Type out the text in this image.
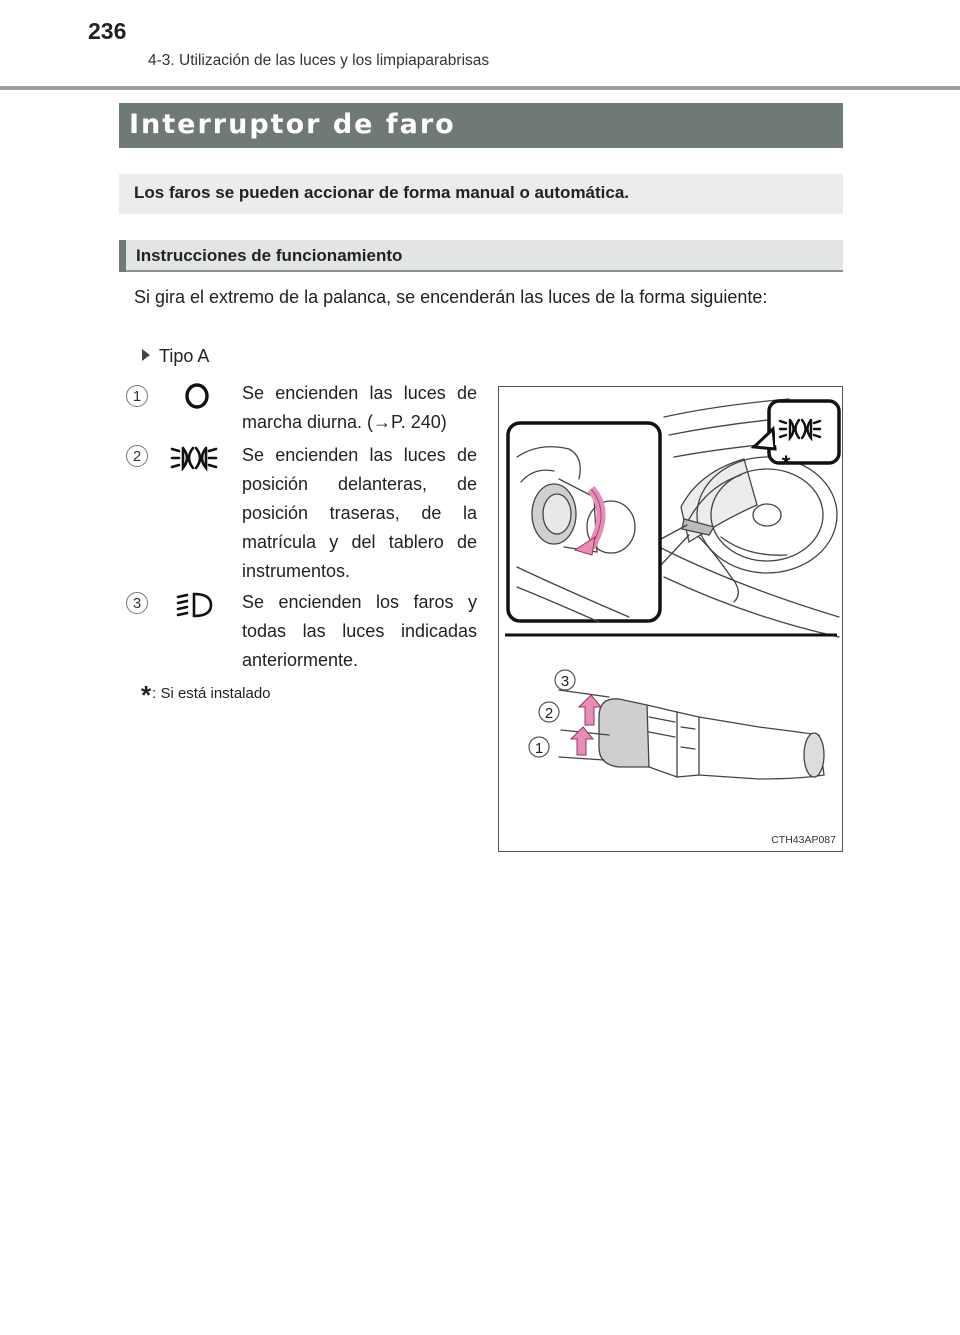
236
4-3. Utilización de las luces y los limpiaparabrisas
Interruptor de faro
Los faros se pueden accionar de forma manual o automática.
Instrucciones de funcionamiento
Si gira el extremo de la palanca, se encenderán las luces de la forma siguiente:
Tipo A
1	Se encienden las luces de marcha diurna. (→P. 240)
2	Se encienden las luces de posición delanteras, de posición traseras, de la matrícula y del tablero de instrumentos.
3	Se encienden los faros y todas las luces indicadas anteriormente.
*: Si está instalado
3
2
1
*
CTH43AP087
